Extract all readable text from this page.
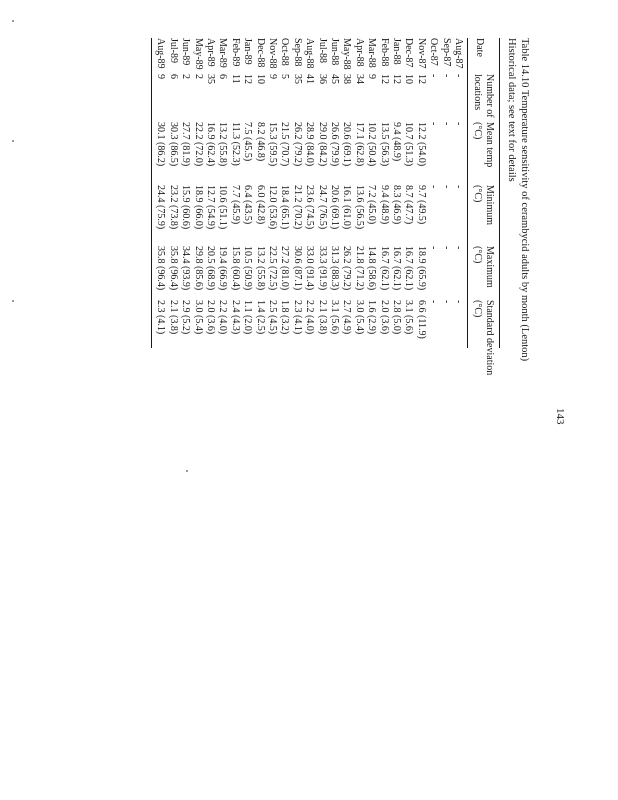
Table 14.10 Temperature sensitivity of cerambycid adults by month (Lenton)
Historical data; see text for details
Date
Number of
locations
Mean temp
(°C)
Minimum
(°C)
Maximum
(°C)
Standard deviation
(°C)
Aug-87
-
-
-
-
-
Sep-87
-
-
-
-
-
Oct-87
-
-
-
-
-
Nov-87
12
12.2 (54.0)
9.7 (49.5)
18.9 (65.9)
6.6 (11.9)
Dec-87
10
10.7 (51.3)
8.7 (47.7)
16.7 (62.1)
3.1 (5.6)
Jan-88
12
9.4 (48.9)
8.3 (46.9)
16.7 (62.1)
2.8 (5.0)
Feb-88
12
13.5 (56.3)
9.4 (48.9)
16.7 (62.1)
2.0 (3.6)
Mar-88
9
10.2 (50.4)
7.2 (45.0)
14.8 (58.6)
1.6 (2.9)
Apr-88
34
17.1 (62.8)
13.6 (56.5)
21.8 (71.2)
3.0 (5.4)
May-88
38
20.6 (69.1)
16.1 (61.0)
26.2 (79.2)
2.7 (4.9)
Jun-88
45
26.6 (79.9)
20.6 (69.1)
31.3 (88.3)
3.1 (5.6)
Jul-88
36
29.0 (84.2)
24.7 (76.5)
33.3 (91.9)
2.1 (3.8)
Aug-88
41
28.9 (84.0)
23.6 (74.5)
33.0 (91.4)
2.2 (4.0)
Sep-88
35
26.2 (79.2)
21.2 (70.2)
30.6 (87.1)
2.3 (4.1)
Oct-88
5
21.5 (70.7)
18.4 (65.1)
27.2 (81.0)
1.8 (3.2)
Nov-88
9
15.3 (59.5)
12.0 (53.6)
22.5 (72.5)
2.5 (4.5)
Dec-88
10
8.2 (46.8)
6.0 (42.8)
13.2 (55.8)
1.4 (2.5)
Jan-89
12
7.5 (45.5)
6.4 (43.5)
10.5 (50.9)
1.1 (2.0)
Feb-89
11
11.3 (52.3)
7.7 (45.9)
15.8 (60.4)
2.4 (4.3)
Mar-89
6
13.2 (55.8)
10.6 (51.1)
19.4 (66.9)
2.2 (4.0)
Apr-89
35
16.9 (62.4)
12.7 (54.9)
20.5 (68.9)
2.0 (3.6)
May-89
2
22.2 (72.0)
18.9 (66.0)
29.8 (85.6)
3.0 (5.4)
Jun-89
2
27.7 (81.9)
15.9 (60.6)
34.4 (93.9)
2.9 (5.2)
Jul-89
6
30.3 (86.5)
23.2 (73.8)
35.8 (96.4)
2.1 (3.8)
Aug-89
9
30.1 (86.2)
24.4 (75.9)
35.8 (96.4)
2.3 (4.1)
143
